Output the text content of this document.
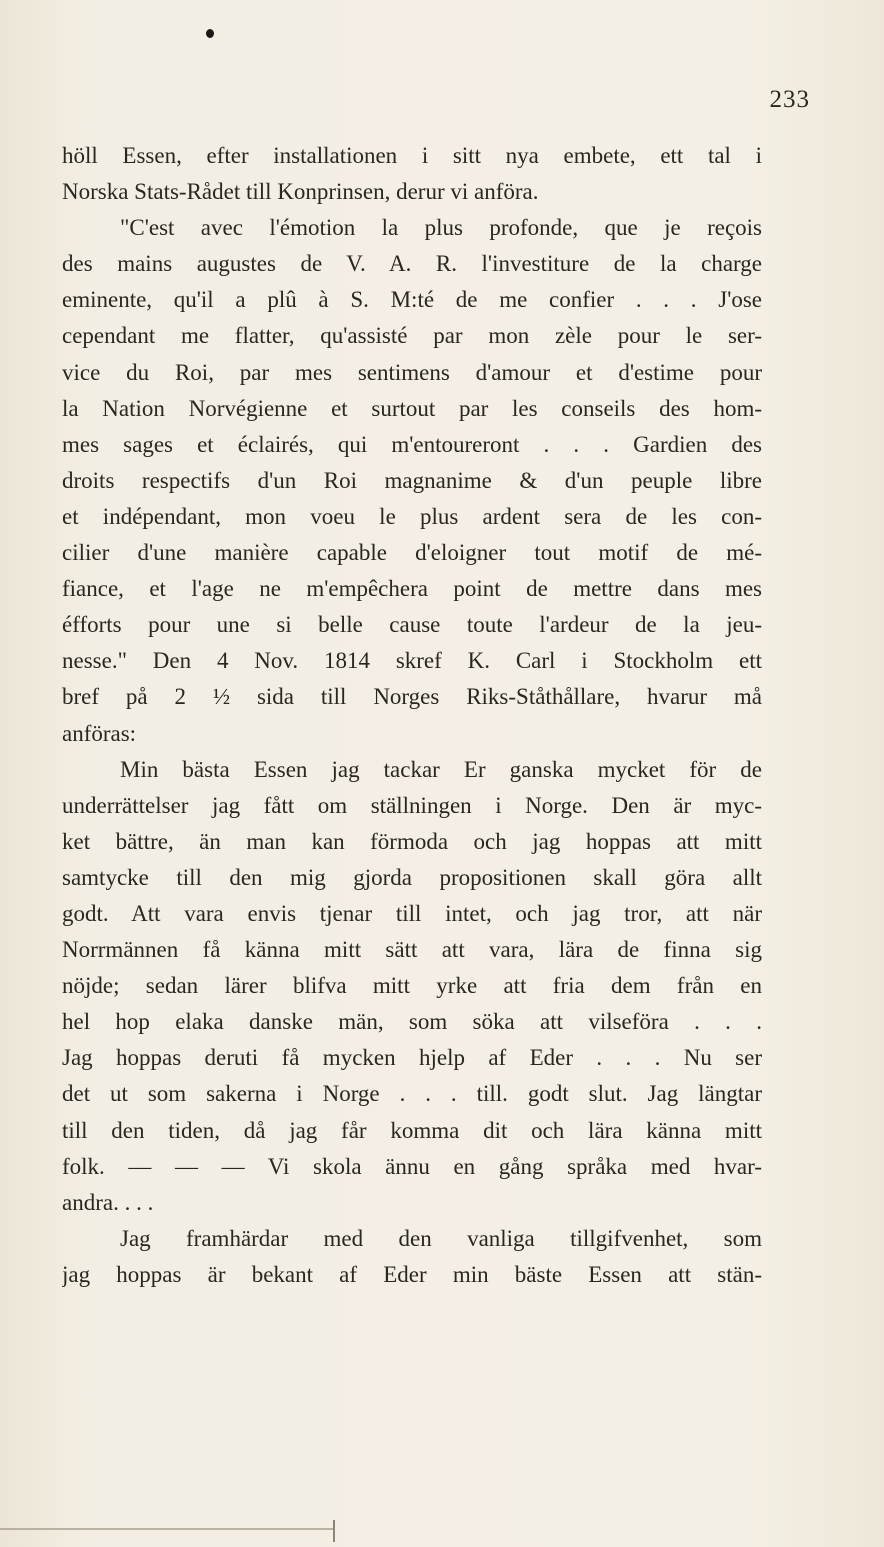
233
höll Essen, efter installationen i sitt nya embete, ett tal i
Norska Stats-Rådet till Konprinsen, derur vi anföra.
"C'est avec l'émotion la plus profonde, que je reçois
des mains augustes de V. A. R. l'investiture de la charge
eminente, qu'il a plû à S. M:té de me confier . . . J'ose
cependant me flatter, qu'assisté par mon zèle pour le ser-
vice du Roi, par mes sentimens d'amour et d'estime pour
la Nation Norvégienne et surtout par les conseils des hom-
mes sages et éclairés, qui m'entoureront . . . Gardien des
droits respectifs d'un Roi magnanime & d'un peuple libre
et indépendant, mon voeu le plus ardent sera de les con-
cilier d'une manière capable d'eloigner tout motif de mé-
fiance, et l'age ne m'empêchera point de mettre dans mes
éfforts pour une si belle cause toute l'ardeur de la jeu-
nesse." Den 4 Nov. 1814 skref K. Carl i Stockholm ett
bref på 2 ½ sida till Norges Riks-Ståthållare, hvarur må
anföras:
Min bästa Essen jag tackar Er ganska mycket för de
underrättelser jag fått om ställningen i Norge. Den är myc-
ket bättre, än man kan förmoda och jag hoppas att mitt
samtycke till den mig gjorda propositionen skall göra allt
godt. Att vara envis tjenar till intet, och jag tror, att när
Norrmännen få känna mitt sätt att vara, lära de finna sig
nöjde; sedan lärer blifva mitt yrke att fria dem från en
hel hop elaka danske män, som söka att vilseföra . . .
Jag hoppas deruti få mycken hjelp af Eder . . . Nu ser
det ut som sakerna i Norge . . . till. godt slut. Jag längtar
till den tiden, då jag får komma dit och lära känna mitt
folk. — — — Vi skola ännu en gång språka med hvar-
andra. . . .
Jag framhärdar med den vanliga tillgifvenhet, som
jag hoppas är bekant af Eder min bäste Essen att stän-
